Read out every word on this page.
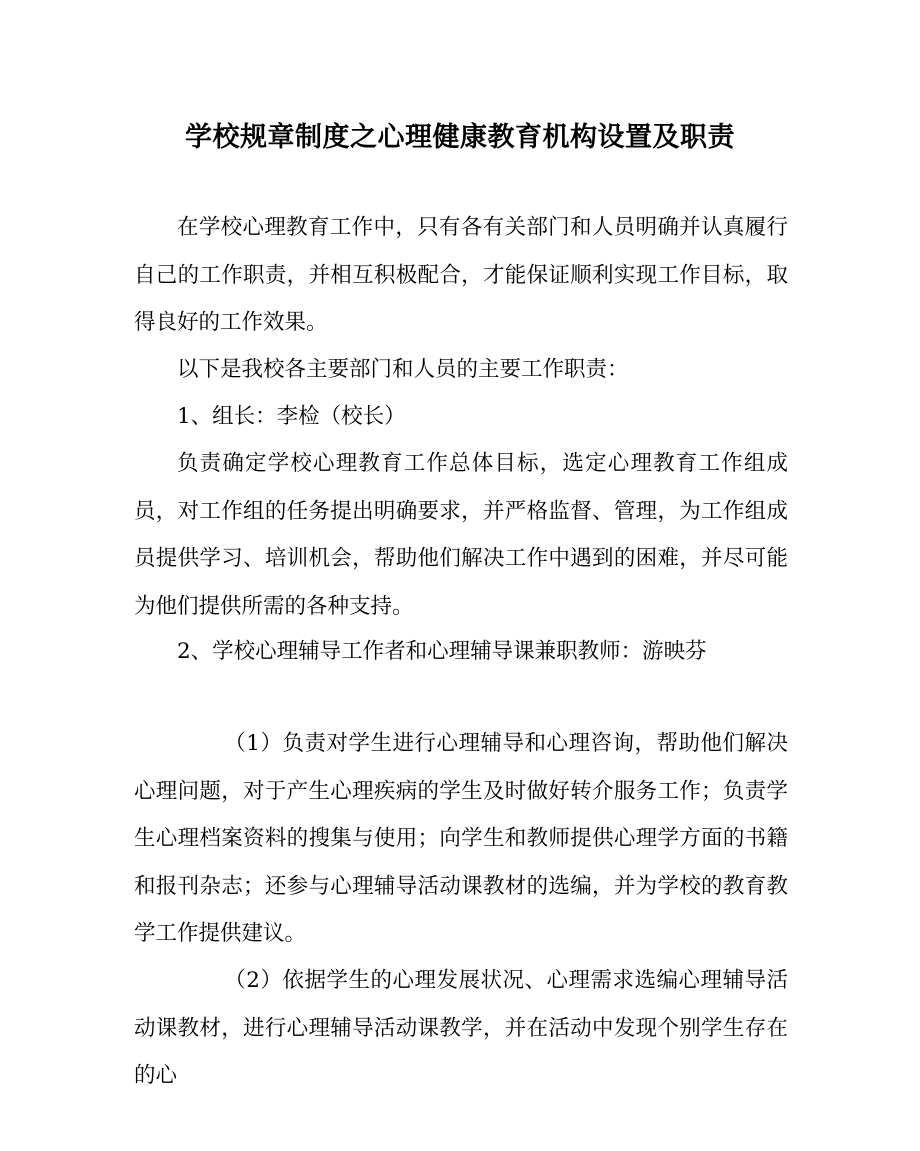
学校规章制度之心理健康教育机构设置及职责

在学校心理教育工作中，只有各有关部门和人员明确并认真履行自己的工作职责，并相互积极配合，才能保证顺利实现工作目标，取得良好的工作效果。

以下是我校各主要部门和人员的主要工作职责：

1、组长：李检（校长）

负责确定学校心理教育工作总体目标，选定心理教育工作组成员，对工作组的任务提出明确要求，并严格监督、管理，为工作组成员提供学习、培训机会，帮助他们解决工作中遇到的困难，并尽可能为他们提供所需的各种支持。

2、学校心理辅导工作者和心理辅导课兼职教师：游映芬

（1）负责对学生进行心理辅导和心理咨询，帮助他们解决心理问题，对于产生心理疾病的学生及时做好转介服务工作；负责学生心理档案资料的搜集与使用；向学生和教师提供心理学方面的书籍和报刊杂志；还参与心理辅导活动课教材的选编，并为学校的教育教学工作提供建议。

（2）依据学生的心理发展状况、心理需求选编心理辅导活动课教材，进行心理辅导活动课教学，并在活动中发现个别学生存在的心
